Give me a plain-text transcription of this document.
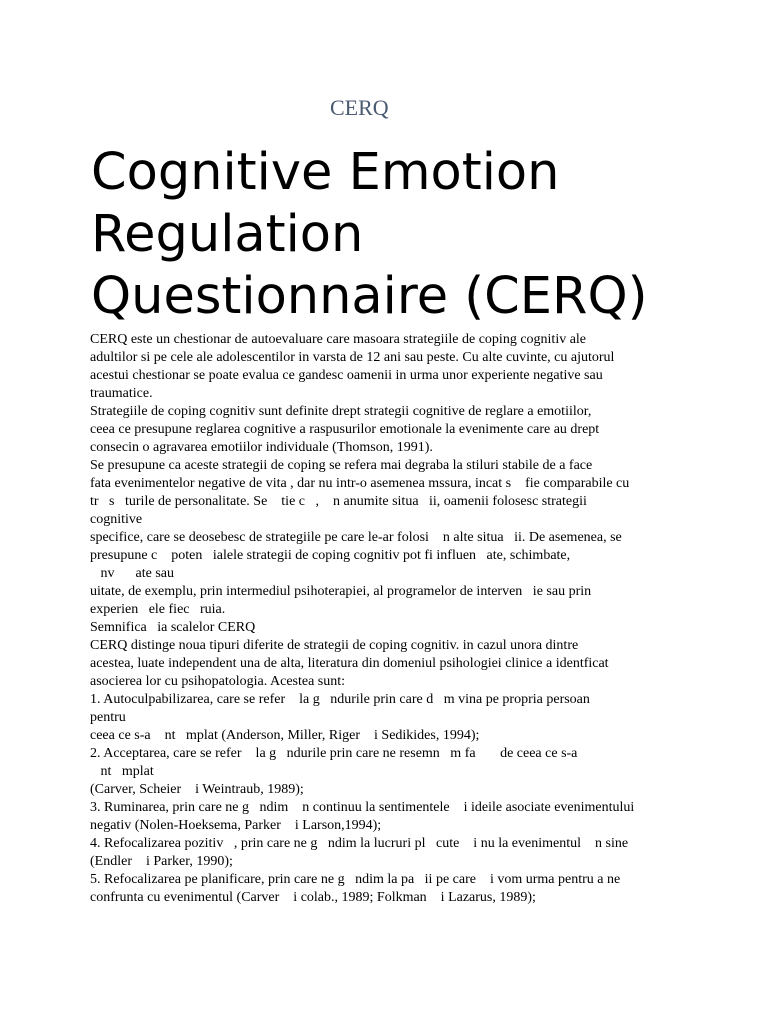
CERQ

Cognitive Emotion Regulation Questionnaire (CERQ)
CERQ este un chestionar de autoevaluare care masoara strategiile de coping cognitiv ale
adultilor si pe cele ale adolescentilor in varsta de 12 ani sau peste. Cu alte cuvinte, cu ajutorul
acestui chestionar se poate evalua ce gandesc oamenii in urma unor experiente negative sau
traumatice.
Strategiile de coping cognitiv sunt definite drept strategii cognitive de reglare a emotiilor,
ceea ce presupune reglarea cognitive a raspusurilor emotionale la evenimente care au drept
consecin o agravarea emotiilor individuale (Thomson, 1991).
Se presupune ca aceste strategii de coping se refera mai degraba la stiluri stabile de a face
fata evenimentelor negative de vita , dar nu intr-o asemenea mssura, incat s    fie comparabile cu
tr   s   turile de personalitate. Se    tie c   ,    n anumite situa   ii, oamenii folosesc strategii
cognitive
specifice, care se deosebesc de strategiile pe care le-ar folosi    n alte situa   ii. De asemenea, se
presupune c    poten   ialele strategii de coping cognitiv pot fi influen   ate, schimbate,
nv      ate sau
uitate, de exemplu, prin intermediul psihoterapiei, al programelor de interven   ie sau prin
experien   ele fiec   ruia.
Semnifica   ia scalelor CERQ
CERQ distinge noua tipuri diferite de strategii de coping cognitiv. in cazul unora dintre
acestea, luate independent una de alta, literatura din domeniul psihologiei clinice a identficat
asocierea lor cu psihopatologia. Acestea sunt:
1. Autoculpabilizarea, care se refer    la g   ndurile prin care d   m vina pe propria persoan
pentru
ceea ce s-a    nt   mplat (Anderson, Miller, Riger    i Sedikides, 1994);
2. Acceptarea, care se refer    la g   ndurile prin care ne resemn   m fa       de ceea ce s-a
nt   mplat
(Carver, Scheier    i Weintraub, 1989);
3. Ruminarea, prin care ne g   ndim    n continuu la sentimentele    i ideile asociate evenimentului
negativ (Nolen-Hoeksema, Parker    i Larson,1994);
4. Refocalizarea pozitiv   , prin care ne g   ndim la lucruri pl   cute    i nu la evenimentul    n sine
(Endler    i Parker, 1990);
5. Refocalizarea pe planificare, prin care ne g   ndim la pa   ii pe care    i vom urma pentru a ne
confrunta cu evenimentul (Carver    i colab., 1989; Folkman    i Lazarus, 1989);
